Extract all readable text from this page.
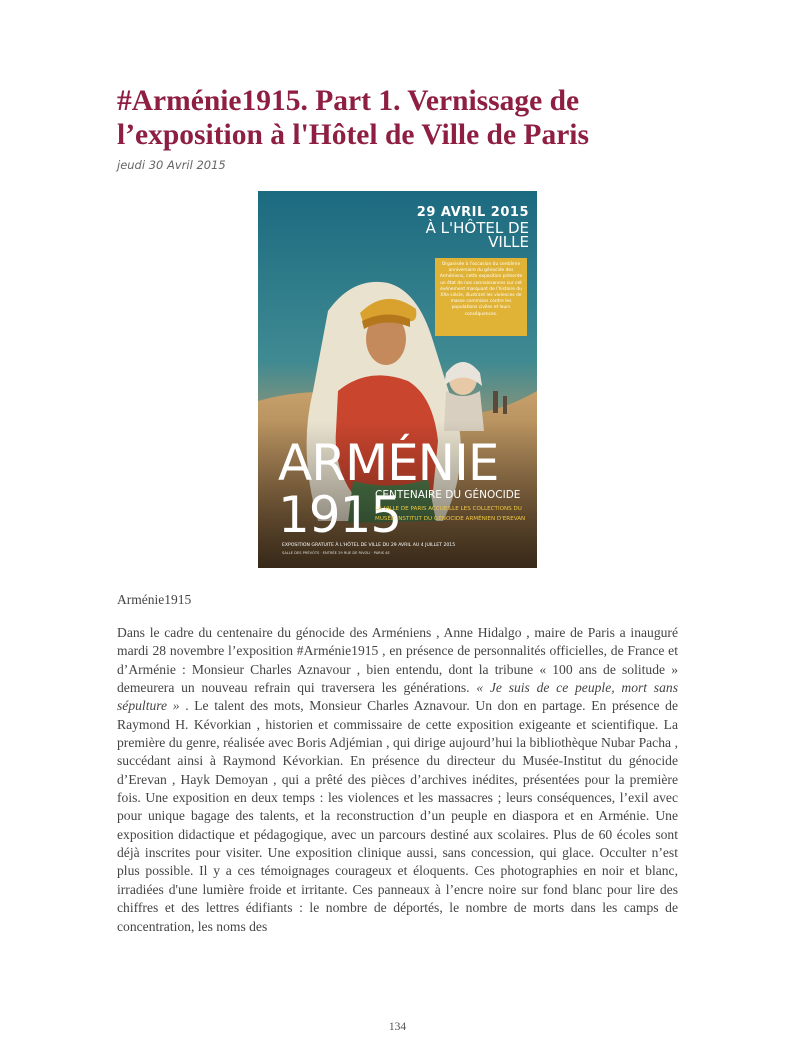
#Arménie1915. Part 1. Vernissage de l’exposition à l'Hôtel de Ville de Paris
jeudi 30 Avril 2015
29 AVRIL 2015
À L'HÔTEL DE VILLE
Organisée à l'occasion du centième anniversaire du génocide des Arméniens, cette exposition présente un état de nos connaissances sur cet événement marquant de l'histoire du XXe siècle, illustrant les violences de masse commises contre les populations civiles et leurs conséquences.
ARMÉNIE
1915
CENTENAIRE DU GÉNOCIDE
LA VILLE DE PARIS ACCUEILLE LES COLLECTIONS DU MUSÉE-INSTITUT DU GÉNOCIDE ARMÉNIEN D'EREVAN
EXPOSITION GRATUITE À L'HÔTEL DE VILLE DU 29 AVRIL AU 4 JUILLET 2015
SALLE DES PRÉVÔTS · ENTRÉE 29 RUE DE RIVOLI · PARIS 4E
Arménie1915

Dans le cadre du centenaire du génocide des Arméniens , Anne Hidalgo , maire de Paris a inauguré mardi 28 novembre l’exposition #Arménie1915 , en présence de personnalités officielles, de France et d’Arménie : Monsieur Charles Aznavour , bien entendu, dont la tribune « 100 ans de solitude » demeurera un nouveau refrain qui traversera les générations. « Je suis de ce peuple, mort sans sépulture » . Le talent des mots, Monsieur Charles Aznavour. Un don en partage. En présence de Raymond H. Kévorkian , historien et commissaire de cette exposition exigeante et scientifique. La première du genre, réalisée avec Boris Adjémian , qui dirige aujourd’hui la bibliothèque Nubar Pacha , succédant ainsi à Raymond Kévorkian. En présence du directeur du Musée-Institut du génocide d’Erevan , Hayk Demoyan , qui a prêté des pièces d’archives inédites, présentées pour la première fois. Une exposition en deux temps : les violences et les massacres ; leurs conséquences, l’exil avec pour unique bagage des talents, et la reconstruction d’un peuple en diaspora et en Arménie. Une exposition didactique et pédagogique, avec un parcours destiné aux scolaires. Plus de 60 écoles sont déjà inscrites pour visiter. Une exposition clinique aussi, sans concession, qui glace. Occulter n’est plus possible. Il y a ces témoignages courageux et éloquents. Ces photographies en noir et blanc, irradiées d'une lumière froide et irritante. Ces panneaux à l’encre noire sur fond blanc pour lire des chiffres et des lettres édifiants : le nombre de déportés, le nombre de morts dans les camps de concentration, les noms des

134
